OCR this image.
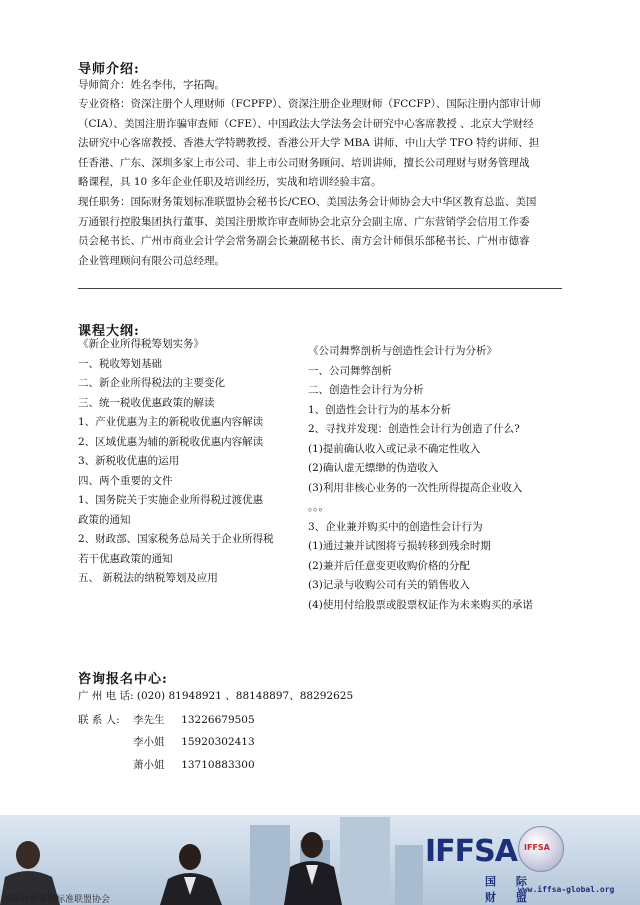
导师介绍:
导师简介：姓名李伟，字拓陶。
专业资格：资深注册个人理财师（FCPFP）、资深注册企业理财师（FCCFP）、国际注册内部审计师
（CIA）、美国注册诈骗审查师（CFE）、中国政法大学法务会计研究中心客席教授 、北京大学财经
法研究中心客席教授、香港大学特聘教授、香港公开大学 MBA 讲师、中山大学 TFO 特约讲师、担
任香港、广东、深圳多家上市公司、非上市公司财务顾问、培训讲师，擅长公司理财与财务管理战
略课程，具 10 多年企业任职及培训经历，实战和培训经验丰富。
现任职务：国际财务策划标准联盟协会秘书长/CEO、美国法务会计师协会大中华区教育总监、美国
万通银行控股集团执行董事、美国注册欺诈审查师协会北京分会副主席、广东营销学会信用工作委
员会秘书长、广州市商业会计学会常务副会长兼副秘书长、南方会计师俱乐部秘书长、广州市德睿
企业管理顾问有限公司总经理。
课程大纲:
《新企业所得税筹划实务》
一、税收筹划基础
二、新企业所得税法的主要变化
三、统一税收优惠政策的解读
1、产业优惠为主的新税收优惠内容解读
2、区域优惠为辅的新税收优惠内容解读
3、新税收优惠的运用
四、两个重要的文件
1、国务院关于实施企业所得税过渡优惠
政策的通知
2、财政部、国家税务总局关于企业所得税
若干优惠政策的通知
五、 新税法的纳税筹划及应用
《公司舞弊剖析与创造性会计行为分析》
一、公司舞弊剖析
二、创造性会计行为分析
1、创造性会计行为的基本分析
2、寻找并发现：创造性会计行为创造了什么?
(1)提前确认收入或记录不确定性收入
(2)确认虚无缥缈的伪造收入
(3)利用非核心业务的一次性所得提高企业收入
。。。
3、企业兼并购买中的创造性会计行为
(1)通过兼并试图将亏损转移到残余时期
(2)兼并后任意变更收购价格的分配
(3)记录与收购公司有关的销售收入
(4)使用付给股票或股票权证作为未来购买的承诺
咨询报名中心:
广 州 电 话: (020) 81948921 、88148897、88292625
联 系 人: 李先生 13226679505
李小姐 15920302413
萧小姐 13710883300
IFFSA
国 际 财 盟
IFFSA
www.iffsa-global.org
国际财务策划标准联盟协会
